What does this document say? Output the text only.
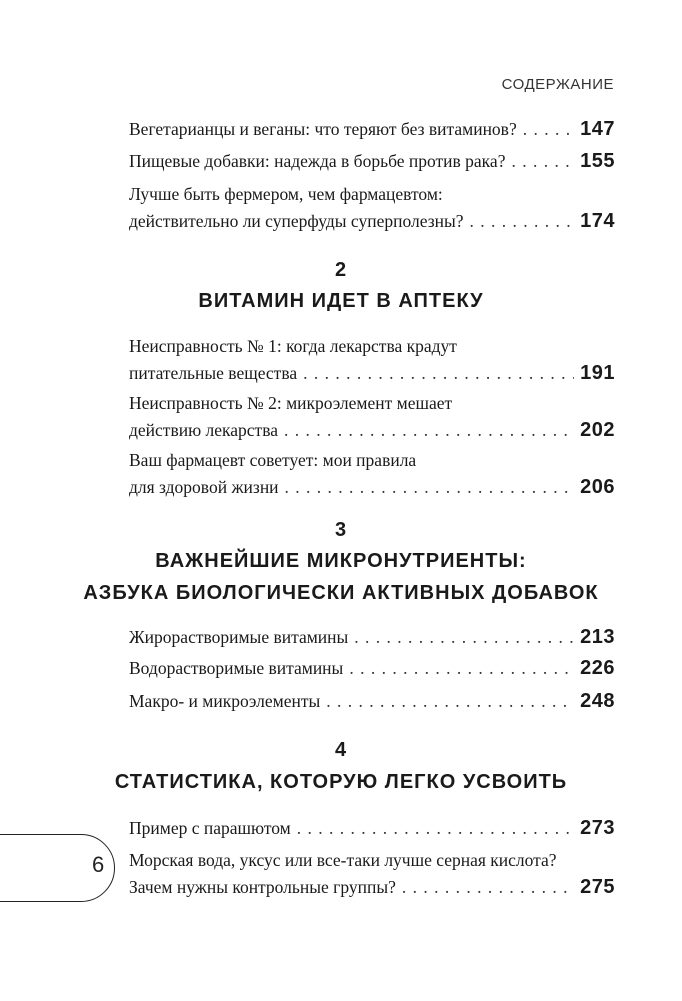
СОДЕРЖАНИЕ
Вегетарианцы и веганы: что теряют без витаминов? . . .	147
Пищевые добавки: надежда в борьбе против рака? . . .	155
Лучше быть фермером, чем фармацевтом:
действительно ли суперфуды суперполезны? . . .	174
2
ВИТАМИН ИДЕТ В АПТЕКУ
Неисправность № 1: когда лекарства крадут
питательные вещества . . .	191
Неисправность № 2: микроэлемент мешает
действию лекарства . . .	202
Ваш фармацевт советует: мои правила
для здоровой жизни . . .	206
3
ВАЖНЕЙШИЕ МИКРОНУТРИЕНТЫ:
АЗБУКА БИОЛОГИЧЕСКИ АКТИВНЫХ ДОБАВОК
Жирорастворимые витамины . . .	213
Водорастворимые витамины . . .	226
Макро- и микроэлементы . . .	248
4
СТАТИСТИКА, КОТОРУЮ ЛЕГКО УСВОИТЬ
Пример с парашютом . . .	273
Морская вода, уксус или все-таки лучше серная кислота?
Зачем нужны контрольные группы? . . .	275
6
